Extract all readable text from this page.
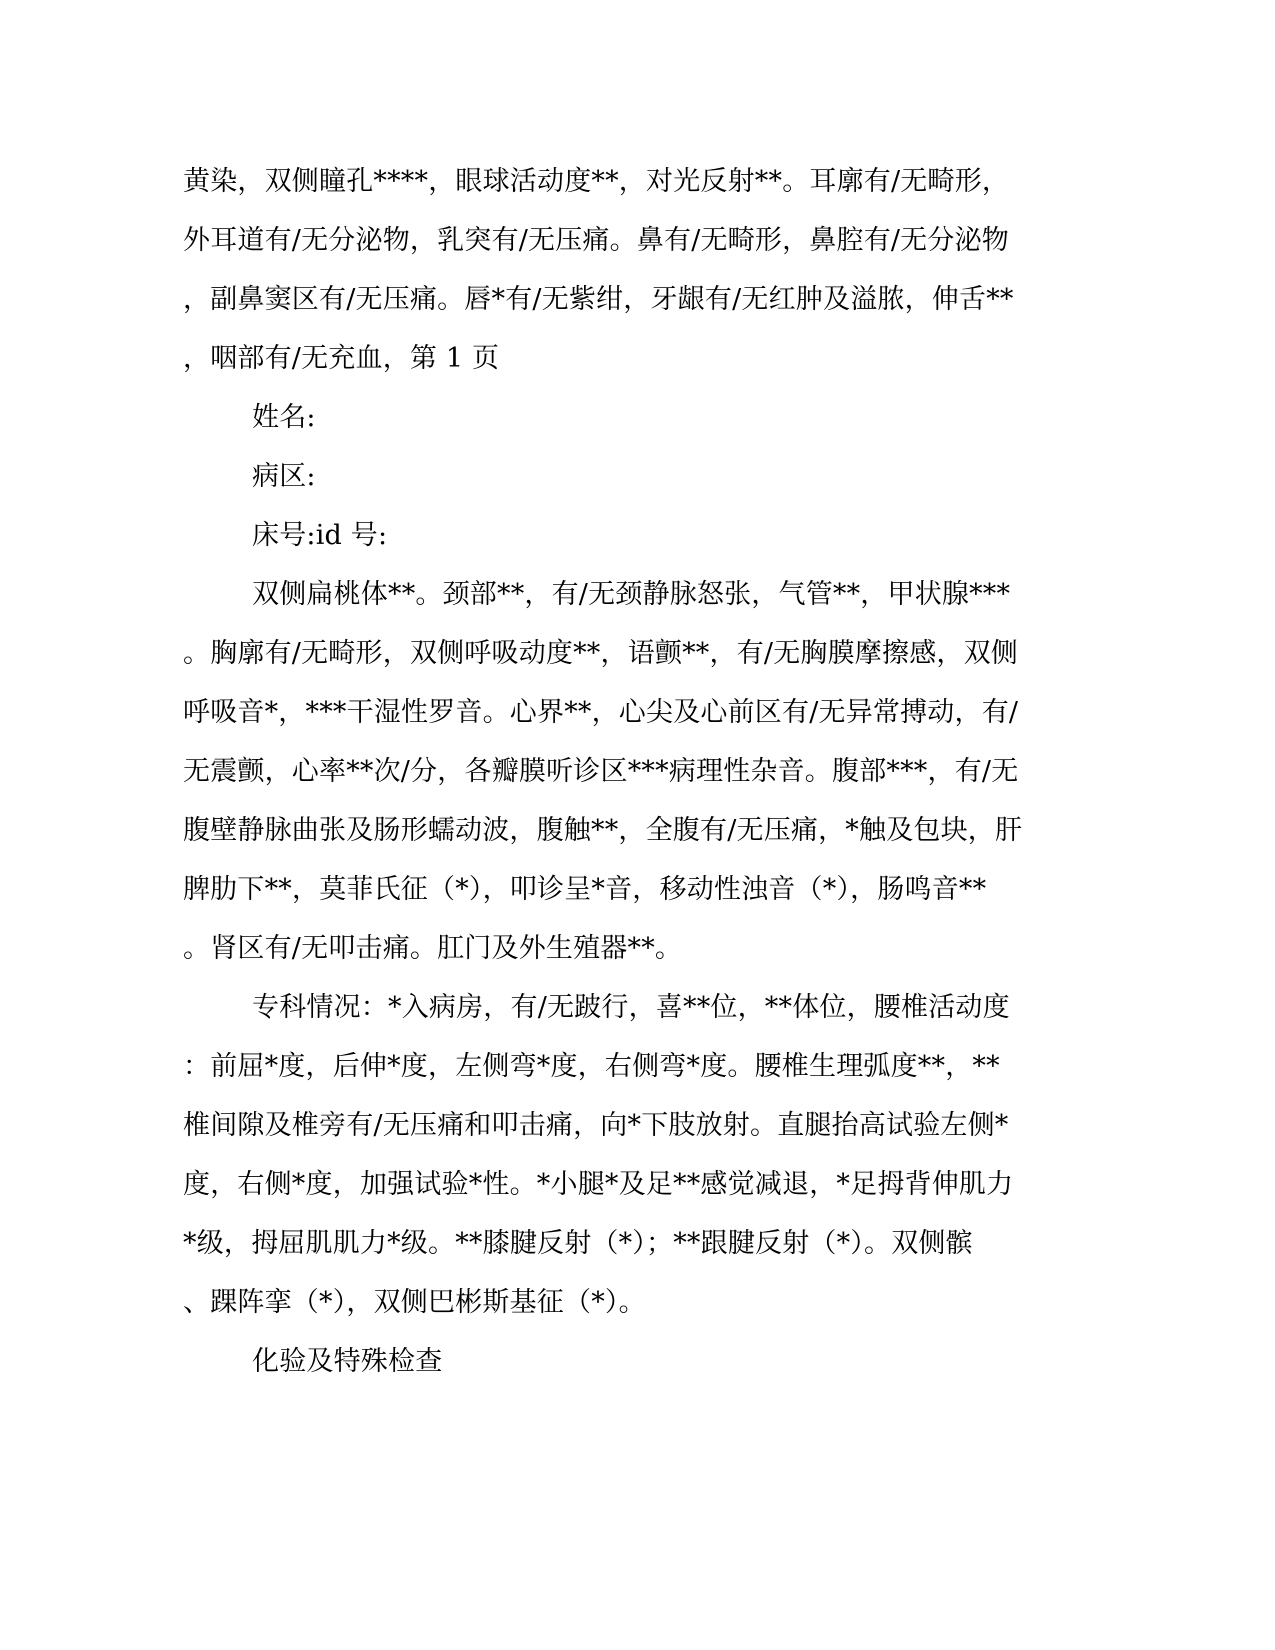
黄染，双侧瞳孔****，眼球活动度**，对光反射**。耳廓有/无畸形，
外耳道有/无分泌物，乳突有/无压痛。鼻有/无畸形，鼻腔有/无分泌物
，副鼻窦区有/无压痛。唇*有/无紫绀，牙龈有/无红肿及溢脓，伸舌**
，咽部有/无充血，第 1 页
姓名:
病区:
床号:id 号:
双侧扁桃体**。颈部**，有/无颈静脉怒张，气管**，甲状腺***
。胸廓有/无畸形，双侧呼吸动度**，语颤**，有/无胸膜摩擦感，双侧
呼吸音*，***干湿性罗音。心界**，心尖及心前区有/无异常搏动，有/
无震颤，心率**次/分，各瓣膜听诊区***病理性杂音。腹部***，有/无
腹壁静脉曲张及肠形蠕动波，腹触**，全腹有/无压痛，*触及包块，肝
脾肋下**，莫菲氏征（*），叩诊呈*音，移动性浊音（*），肠鸣音**
。肾区有/无叩击痛。肛门及外生殖器**。
专科情况：*入病房，有/无跛行，喜**位，**体位，腰椎活动度
：前屈*度，后伸*度，左侧弯*度，右侧弯*度。腰椎生理弧度**，**
椎间隙及椎旁有/无压痛和叩击痛，向*下肢放射。直腿抬高试验左侧*
度，右侧*度，加强试验*性。*小腿*及足**感觉减退，*足拇背伸肌力
*级，拇屈肌肌力*级。**膝腱反射（*）；**跟腱反射（*）。双侧髌
、踝阵挛（*），双侧巴彬斯基征（*）。
化验及特殊检查
